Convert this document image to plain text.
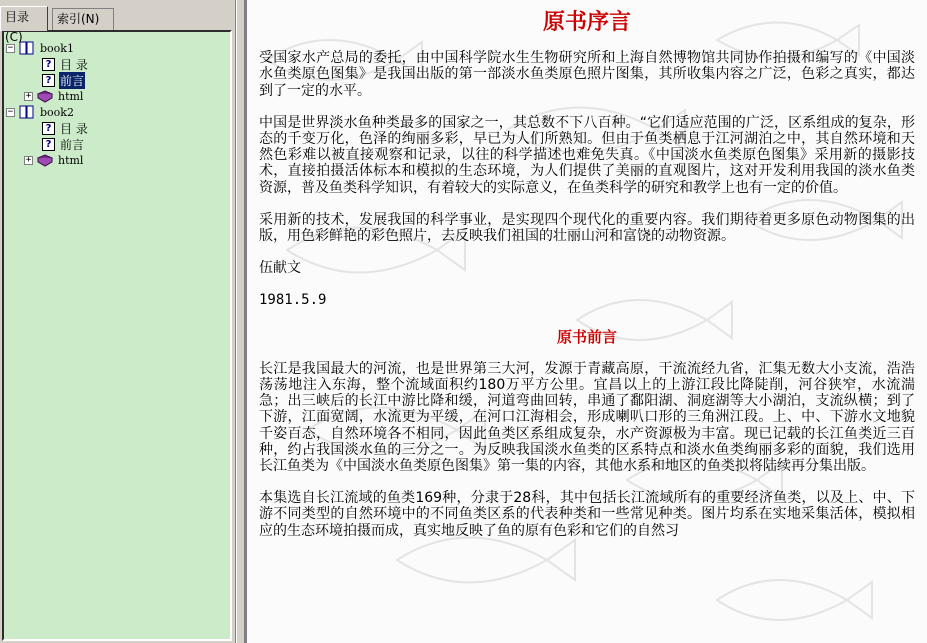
目录(C)
索引(N)
− book1
? 目 录
? 前言
+ html
− book2
? 目 录
? 前言
+ html
原书序言

受国家水产总局的委托，由中国科学院水生生物研究所和上海自然博物馆共同协作拍摄和编写的《中国淡水鱼类原色图集》是我国出版的第一部淡水鱼类原色照片图集，其所收集内容之广泛，色彩之真实，都达到了一定的水平。

中国是世界淡水鱼种类最多的国家之一，其总数不下八百种。“它们适应范围的广泛，区系组成的复杂，形态的千变万化，色泽的绚丽多彩，早已为人们所熟知。但由于鱼类栖息于江河湖泊之中，其自然环境和天然色彩难以被直接观察和记录，以往的科学描述也难免失真。《中国淡水鱼类原色图集》采用新的摄影技术，直接拍摄活体标本和模拟的生态环境，为人们提供了美丽的直观图片，这对开发利用我国的淡水鱼类资源，普及鱼类科学知识，有着较大的实际意义，在鱼类科学的研究和教学上也有一定的价值。

采用新的技术，发展我国的科学事业，是实现四个现代化的重要内容。我们期待着更多原色动物图集的出版，用色彩鲜艳的彩色照片，去反映我们祖国的壮丽山河和富饶的动物资源。

伍献文

1981.5.9

原书前言

长江是我国最大的河流，也是世界第三大河，发源于青藏高原，干流流经九省，汇集无数大小支流，浩浩荡荡地注入东海，整个流域面积约180万平方公里。宜昌以上的上游江段比降陡削，河谷狭窄，水流湍急；出三峡后的长江中游比降和缓，河道弯曲回转，串通了鄱阳湖、洞庭湖等大小湖泊，支流纵横；到了下游，江面宽阔，水流更为平缓，在河口江海相会，形成喇叭口形的三角洲江段。上、中、下游水文地貌千姿百态，自然环境各不相同，因此鱼类区系组成复杂，水产资源极为丰富。现已记载的长江鱼类近三百种，约占我国淡水鱼的三分之一。为反映我国淡水鱼类的区系特点和淡水鱼类绚丽多彩的面貌，我们选用长江鱼类为《中国淡水鱼类原色图集》第一集的内容，其他水系和地区的鱼类拟将陆续再分集出版。

本集选自长江流域的鱼类169种，分隶于28科，其中包括长江流域所有的重要经济鱼类，以及上、中、下游不同类型的自然环境中的不同鱼类区系的代表种类和一些常见种类。图片均系在实地采集活体，模拟相应的生态环境拍摄而成，真实地反映了鱼的原有色彩和它们的自然习
